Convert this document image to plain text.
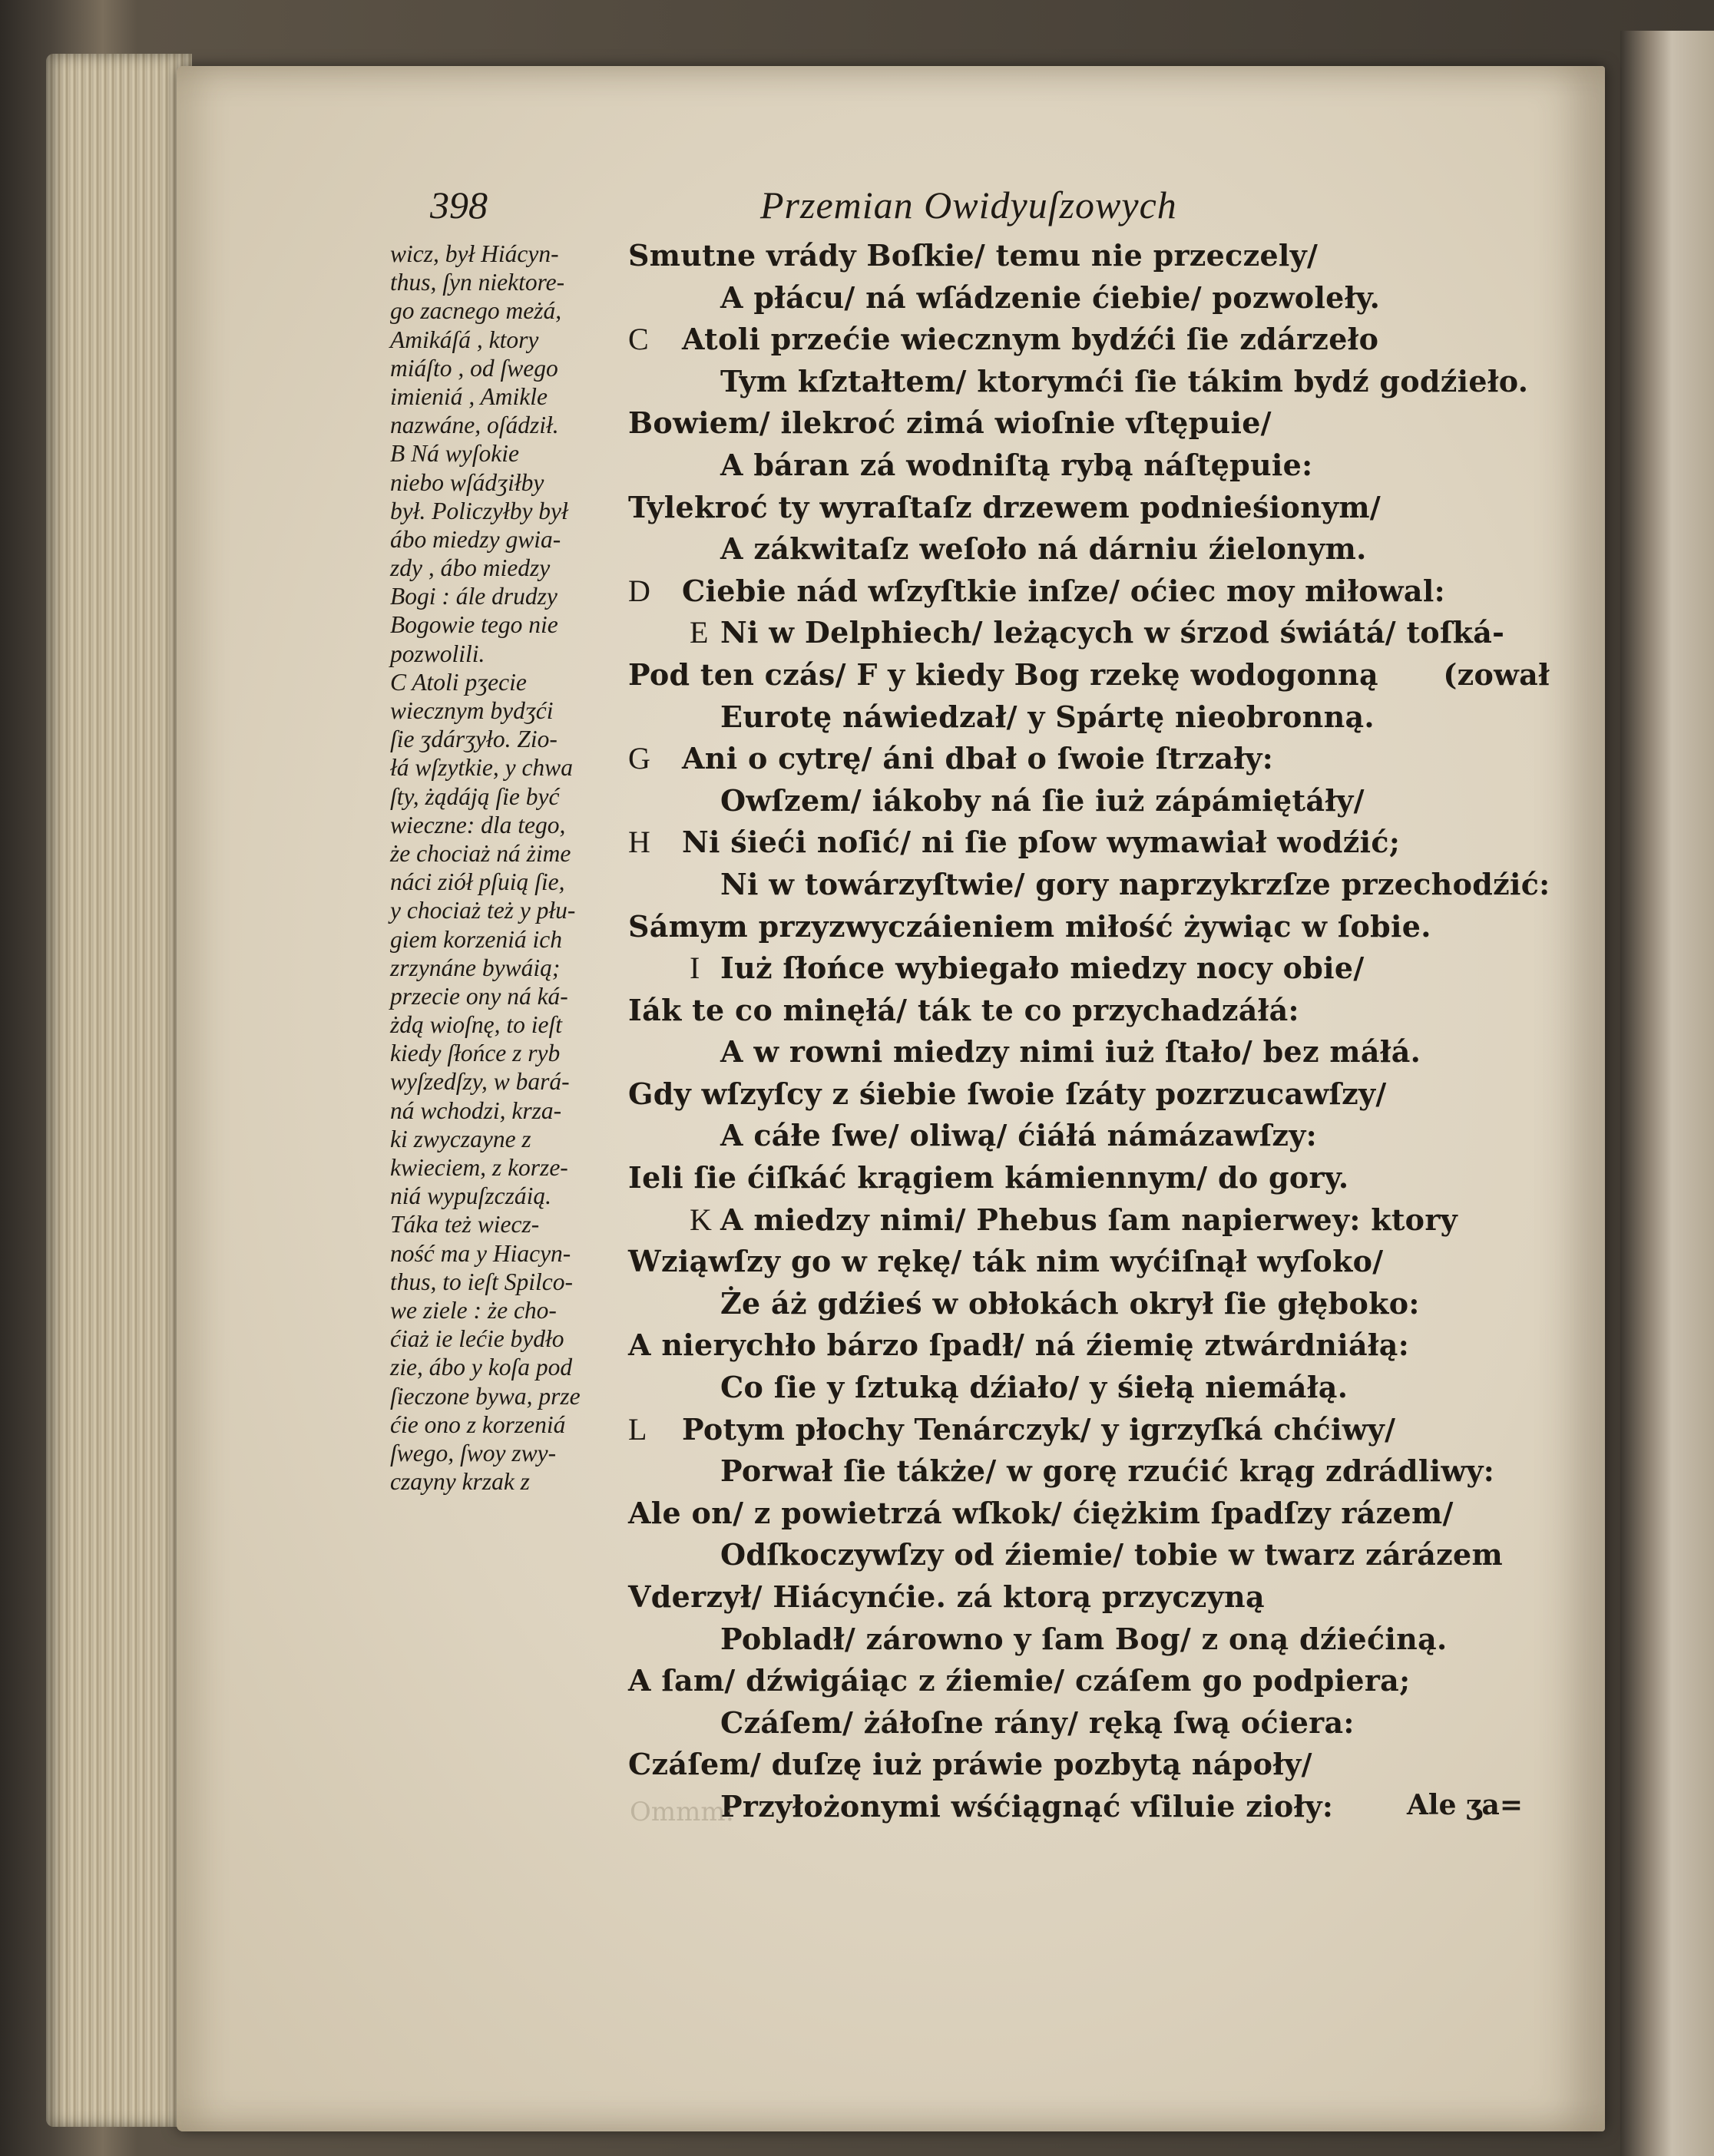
398	Przemian Owidyuſzowych
wicz, był Hiácyn-
thus, ſyn niektore-
go zacnego meżá,
Amikáſá , ktory
miáſto , od ſwego
imieniá , Amikle
nazwáne, oſádził.
B Ná wyſokie
niebo wſádʒiłby
był. Policzyłby był
ábo miedzy gwia-
zdy , ábo miedzy
Bogi : ále drudzy
Bogowie tego nie
pozwolili.
C Atoli pʒecie
wiecznym bydʒći
ſie ʒdárʒyło. Zio-
łá wſzytkie, y chwa
ſty, żądáją ſie być
wieczne: dla tego,
że chociaż ná żime
náci ziół pſuią ſie,
y chociaż też y płu-
giem korzeniá ich
zrzynáne bywáią;
przecie ony ná ká-
żdą wioſnę, to ieſt
kiedy ſłońce z ryb
wyſzedſzy, w bará-
ná wchodzi, krza-
ki zwyczayne z
kwieciem, z korze-
niá wypuſzczáią.
Táka też wiecz-
ność ma y Hiacyn-
thus, to ieſt Spilco-
we ziele : że cho-
ćiaż ie lećie bydło
zie, ábo y koſa pod
ſieczone bywa, prze
ćie ono z korzeniá
ſwego, ſwoy zwy-
czayny krzak z
Smutne vrády Boſkie/ temu nie przeczely/
A płácu/ ná wſádzenie ćiebie/ pozwoleły.
C Atoli przećie wiecznym bydźći ſie zdárzeło
Tym kſztałtem/ ktorymći ſie tákim bydź godźieło.
Bowiem/ ilekroć zimá wioſnie vſtępuie/
A báran zá wodniſtą rybą náſtępuie:
Tylekroć ty wyraſtaſz drzewem podnieśionym/
A zákwitaſz weſoło ná dárniu źielonym.
D Ciebie nád wſzyſtkie inſze/ oćiec moy miłowal:
E Ni w Delphiech/ leżących w śrzod świátá/ toſká-
Pod ten czás/ F y kiedy Bog rzekę wodogonną (zował
Eurotę náwiedzał/ y Spártę nieobronną.
G Ani o cytrę/ áni dbał o ſwoie ſtrzały:
Owſzem/ iákoby ná ſie iuż zápámiętáły/
H Ni śieći noſić/ ni ſie pſow wymawiał wodźić;
Ni w towárzyſtwie/ gory naprzykrzſze przechodźić:
Sámym przyzwyczáieniem miłość żywiąc w ſobie.
I Iuż ſłońce wybiegało miedzy nocy obie/
Iák te co minęłá/ ták te co przychadzáłá:
A w rowni miedzy nimi iuż ſtało/ bez máłá.
Gdy wſzyſcy z śiebie ſwoie ſzáty pozrzucawſzy/
A cáłe ſwe/ oliwą/ ćiáłá námázawſzy:
Ieli ſie ćiſkáć krągiem kámiennym/ do gory.
K A miedzy nimi/ Phebus ſam napierwey: ktory
Wziąwſzy go w rękę/ ták nim wyćiſnął wyſoko/
Że áż gdźieś w obłokách okrył ſie głęboko:
A nierychło bárzo ſpadł/ ná źiemię ztwárdniáłą:
Co ſie y ſztuką dźiało/ y śiełą niemáłą.
L Potym płochy Tenárczyk/ y igrzyſká chćiwy/
Porwał ſie tákże/ w gorę rzućić krąg zdrádliwy:
Ale on/ z powietrzá wſkok/ ćiężkim ſpadſzy rázem/
Odſkoczywſzy od źiemie/ tobie w twarz zárázem
Vderzył/ Hiácynćie. zá ktorą przyczyną
Pobladł/ zárowno y ſam Bog/ z oną dźiećiną.
A ſam/ dźwigáiąc z źiemie/ czáſem go podpiera;
Czáſem/ żáłoſne rány/ ręką ſwą oćiera:
Czáſem/ duſzę iuż práwie pozbytą nápoły/
Przyłożonymi wśćiągnąć vſiluie zioły:
Ommm:	Ale ʒa=
